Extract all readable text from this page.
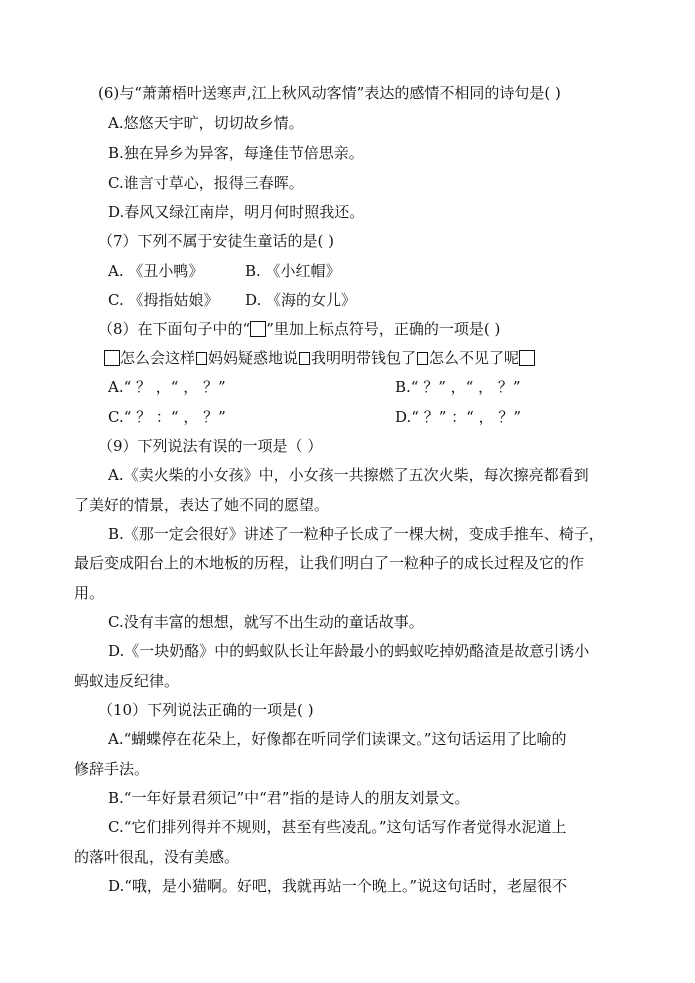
(6)与“萧萧梧叶送寒声,江上秋风动客情”表达的感情不相同的诗句是( )
A.悠悠天宇旷，切切故乡情。
B.独在异乡为异客，每逢佳节倍思亲。
C.谁言寸草心，报得三春晖。
D.春风又绿江南岸，明月何时照我还。
（7）下列不属于安徒生童话的是( )
A. 《丑小鸭》	B. 《小红帽》
C. 《拇指姑娘》 D. 《海的女儿》
（8）在下面句子中的“ ”里加上标点符号，正确的一项是( )
怎么会这样 妈妈疑惑地说 我明明带钱包了 怎么不见了呢
A.“ ？ ，“ ， ？”	B.“ ？” ，“ ， ？”
C.“ ？ ：“ ， ？”	D.“ ？” ：“ ， ？”
（9）下列说法有误的一项是（ ）
A.《卖火柴的小女孩》中，小女孩一共擦燃了五次火柴，每次擦亮都看到
了美好的情景，表达了她不同的愿望。
B.《那一定会很好》讲述了一粒种子长成了一棵大树，变成手推车、椅子，
最后变成阳台上的木地板的历程，让我们明白了一粒种子的成长过程及它的作
用。
C.没有丰富的想想，就写不出生动的童话故事。
D.《一块奶酪》中的蚂蚁队长让年龄最小的蚂蚁吃掉奶酪渣是故意引诱小
蚂蚁违反纪律。
（10）下列说法正确的一项是( )
A.“蝴蝶停在花朵上，好像都在听同学们读课文。”这句话运用了比喻的
修辞手法。
B.“一年好景君须记”中“君”指的是诗人的朋友刘景文。
C.“它们排列得并不规则，甚至有些凌乱。”这句话写作者觉得水泥道上
的落叶很乱，没有美感。
D.“哦，是小猫啊。好吧，我就再站一个晚上。”说这句话时，老屋很不
